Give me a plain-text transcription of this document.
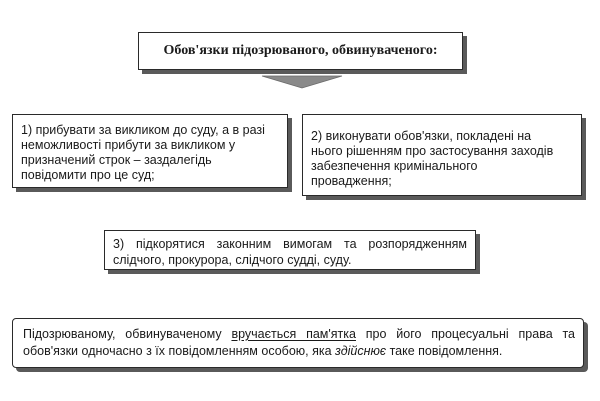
Обов'язки підозрюваного, обвинуваченого:
1) прибувати за викликом до суду, а в разі
неможливості прибути за викликом у
призначений строк – заздалегідь
повідомити про це суд;
2) виконувати обов'язки, покладені на
нього рішенням про застосування заходів
забезпечення кримінального
провадження;
3) підкорятися законним вимогам та розпорядженням
слідчого, прокурора, слідчого судді, суду.
Підозрюваному, обвинуваченому вручається пам'ятка про його процесуальні права та
обов'язки одночасно з їх повідомленням особою, яка здійснює таке повідомлення.
